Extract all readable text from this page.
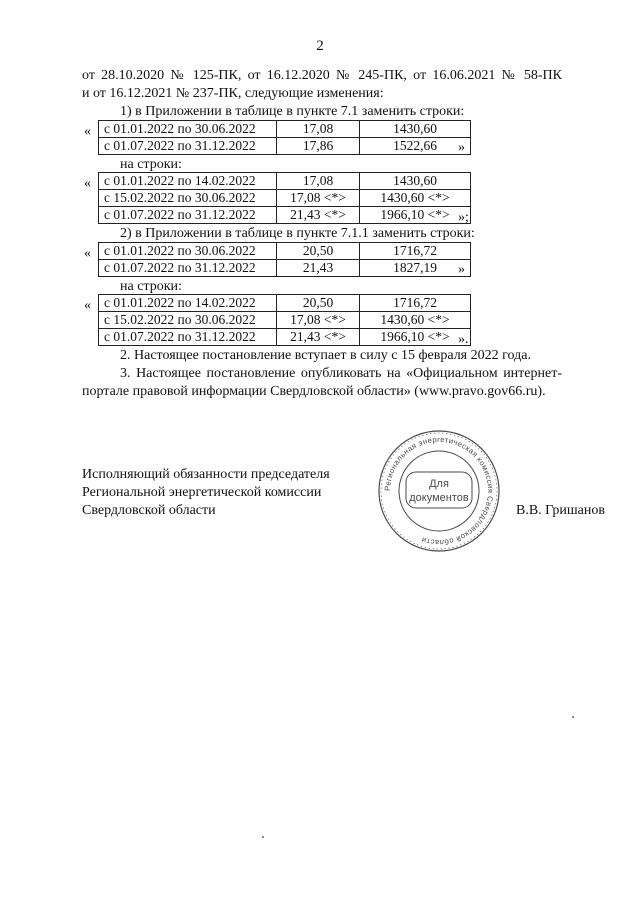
2
от 28.10.2020 № 125-ПК, от 16.12.2020 № 245-ПК, от 16.06.2021 № 58-ПК
и от 16.12.2021 № 237-ПК, следующие изменения:
1) в Приложении в таблице в пункте 7.1 заменить строки:
« с 01.01.2022 по 30.06.2022	17,08	1430,60
с 01.07.2022 по 31.12.2022	17,86	1522,66 »
на строки:
« с 01.01.2022 по 14.02.2022	17,08	1430,60
с 15.02.2022 по 30.06.2022	17,08 <*>	1430,60 <*>
с 01.07.2022 по 31.12.2022	21,43 <*>	1966,10 <*> »;
2) в Приложении в таблице в пункте 7.1.1 заменить строки:
« с 01.01.2022 по 30.06.2022	20,50	1716,72
с 01.07.2022 по 31.12.2022	21,43	1827,19 »
на строки:
« с 01.01.2022 по 14.02.2022	20,50	1716,72
с 15.02.2022 по 30.06.2022	17,08 <*>	1430,60 <*>
с 01.07.2022 по 31.12.2022	21,43 <*>	1966,10 <*> ».
2. Настоящее постановление вступает в силу с 15 февраля 2022 года.
3. Настоящее постановление опубликовать на «Официальном интернет-
портале правовой информации Свердловской области» (www.pravo.gov66.ru).
Исполняющий обязанности председателя
Региональной энергетической комиссии
Свердловской области	В.В. Гришанов
Региональная энергетическая комиссия Свердловской области
Для
документов
